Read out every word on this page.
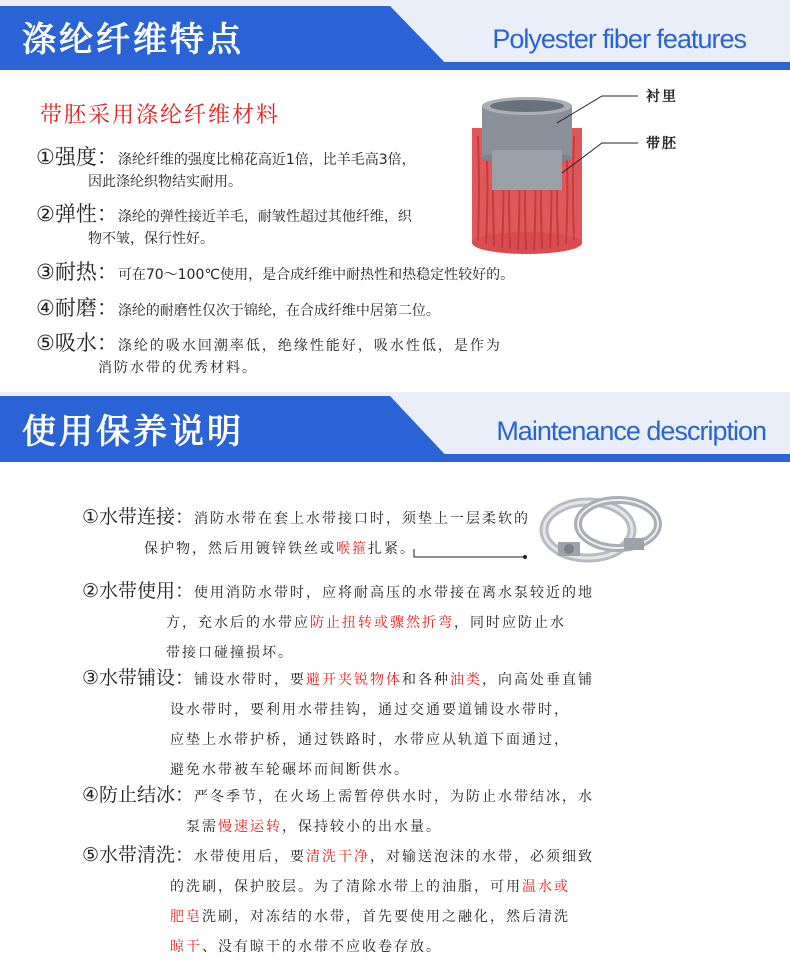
涤纶纤维特点	Polyester fiber features
带胚采用涤纶纤维材料
①强度：涤纶纤维的强度比棉花高近1倍，比羊毛高3倍，
因此涤纶织物结实耐用。
②弹性：涤纶的弹性接近羊毛，耐皱性超过其他纤维，织
物不皱，保行性好。
③耐热：可在70～100℃使用，是合成纤维中耐热性和热稳定性较好的。
④耐磨：涤纶的耐磨性仅次于锦纶，在合成纤维中居第二位。
⑤吸水：涤纶的吸水回潮率低，绝缘性能好，吸水性低，是作为
消防水带的优秀材料。
衬里
带胚
使用保养说明	Maintenance description
①水带连接：消防水带在套上水带接口时，须垫上一层柔软的
保护物，然后用镀锌铁丝或喉箍扎紧。
②水带使用：使用消防水带时，应将耐高压的水带接在离水泵较近的地
方，充水后的水带应防止扭转或骤然折弯，同时应防止水
带接口碰撞损坏。
③水带铺设：铺设水带时，要避开夹锐物体和各种油类，向高处垂直铺
设水带时，要利用水带挂钩，通过交通要道铺设水带时，
应垫上水带护桥，通过铁路时，水带应从轨道下面通过，
避免水带被车轮碾坏而间断供水。
④防止结冰：严冬季节，在火场上需暂停供水时，为防止水带结冰，水
泵需慢速运转，保持较小的出水量。
⑤水带清洗：水带使用后，要清洗干净，对输送泡沫的水带，必须细致
的洗刷，保护胶层。为了清除水带上的油脂，可用温水或
肥皂洗刷，对冻结的水带，首先要使用之融化，然后清洗
晾干、没有晾干的水带不应收卷存放。
